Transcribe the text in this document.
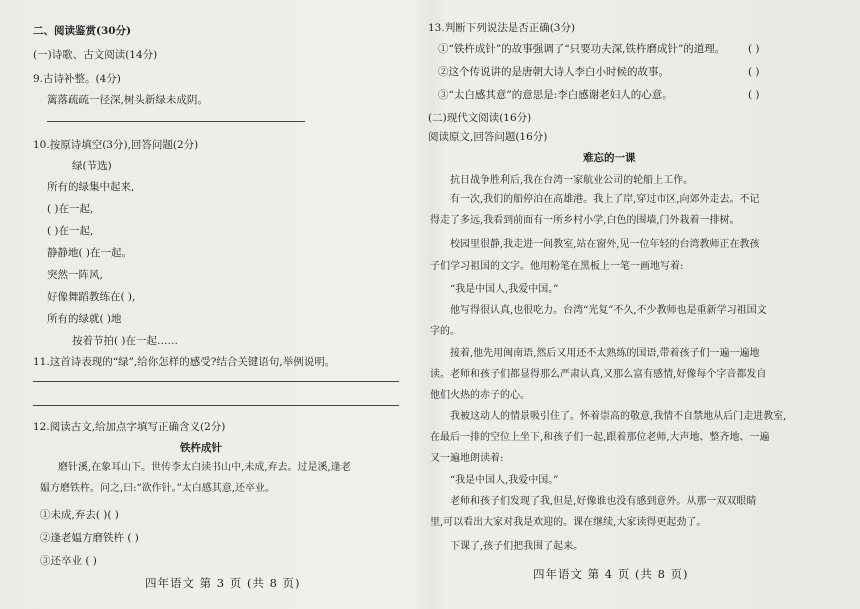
二、阅读鉴赏(30分)
(一)诗歌、古文阅读(14分)
9.古诗补整。(4分)
篱落疏疏一径深,树头新绿未成阴。
10.按原诗填空(3分),回答问题(2分)
绿(节选)
所有的绿集中起来,
( )在一起,
( )在一起,
静静地( )在一起。
突然一阵风,
好像舞蹈教练在( ),
所有的绿就( )地
按着节拍( )在一起……
11.这首诗表现的“绿”,给你怎样的感受?结合关键语句,举例说明。
12.阅读古文,给加点字填写正确含义(2分)
铁杵成针
磨针溪,在象耳山下。世传李太白读书山中,未成,弃去。过是溪,逢老
媪方磨铁杵。问之,曰:“欲作针。”太白感其意,还卒业。
①未成,弃去( )( )
②逢老媪方磨铁杵 ( )
③还卒业 ( )
四年语文 第 3 页 (共 8 页)
13.判断下列说法是否正确(3分)
①“铁杵成针”的故事强调了“只要功夫深,铁杵磨成针”的道理。 ( )
②这个传说讲的是唐朝大诗人李白小时候的故事。	( )
③“太白感其意”的意思是:李白感谢老妇人的心意。	( )
(二)现代文阅读(16分)
阅读原文,回答问题(16分)
难忘的一课
抗日战争胜利后,我在台湾一家航业公司的轮船上工作。
有一次,我们的船停泊在高雄港。我上了岸,穿过市区,向郊外走去。不记
得走了多远,我看到前面有一所乡村小学,白色的围墙,门外栽着一排树。
校园里很静,我走进一间教室,站在窗外,见一位年轻的台湾教师正在教孩
子们学习祖国的文字。他用粉笔在黑板上一笔一画地写着:
“我是中国人,我爱中国。”
他写得很认真,也很吃力。台湾“光复”不久,不少教师也是重新学习祖国文
字的。
接着,他先用闽南语,然后又用还不太熟练的国语,带着孩子们一遍一遍地
读。老师和孩子们都显得那么严肃认真,又那么富有感情,好像每个字音都发自
他们火热的赤子的心。
我被这动人的情景吸引住了。怀着崇高的敬意,我情不自禁地从后门走进教室,
在最后一排的空位上坐下,和孩子们一起,跟着那位老师,大声地、整齐地、一遍
又一遍地朗读着:
“我是中国人,我爱中国。”
老师和孩子们发现了我,但是,好像谁也没有感到意外。从那一双双眼睛
里,可以看出大家对我是欢迎的。课在继续,大家读得更起劲了。
下课了,孩子们把我围了起来。
四年语文 第 4 页 (共 8 页)
